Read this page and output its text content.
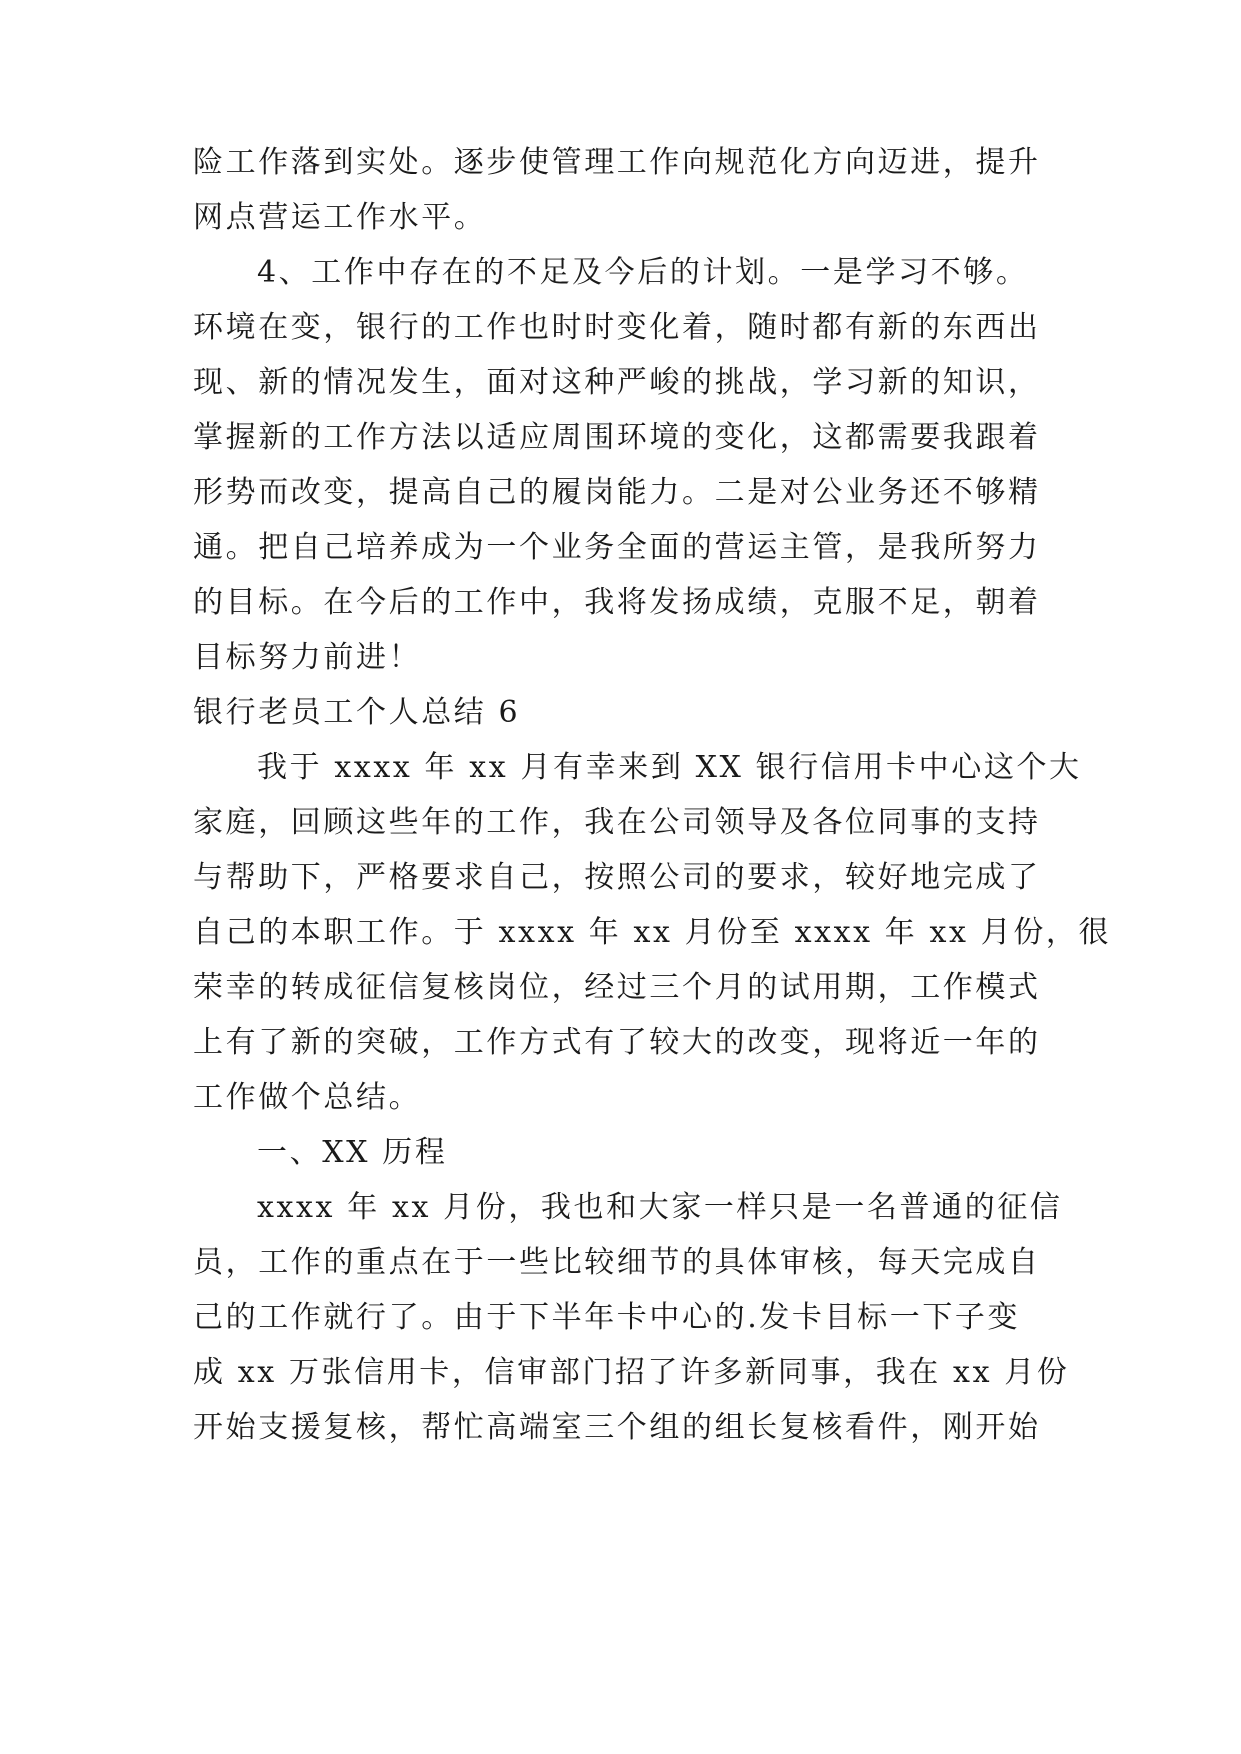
险工作落到实处。逐步使管理工作向规范化方向迈进，提升
网点营运工作水平。
4、工作中存在的不足及今后的计划。一是学习不够。
环境在变，银行的工作也时时变化着，随时都有新的东西出
现、新的情况发生，面对这种严峻的挑战，学习新的知识，
掌握新的工作方法以适应周围环境的变化，这都需要我跟着
形势而改变，提高自己的履岗能力。二是对公业务还不够精
通。把自己培养成为一个业务全面的营运主管，是我所努力
的目标。在今后的工作中，我将发扬成绩，克服不足，朝着
目标努力前进！
银行老员工个人总结 6
我于 xxxx 年 xx 月有幸来到 XX 银行信用卡中心这个大
家庭，回顾这些年的工作，我在公司领导及各位同事的支持
与帮助下，严格要求自己，按照公司的要求，较好地完成了
自己的本职工作。于 xxxx 年 xx 月份至 xxxx 年 xx 月份，很
荣幸的转成征信复核岗位，经过三个月的试用期，工作模式
上有了新的突破，工作方式有了较大的改变，现将近一年的
工作做个总结。
一、XX 历程
xxxx 年 xx 月份，我也和大家一样只是一名普通的征信
员，工作的重点在于一些比较细节的具体审核，每天完成自
己的工作就行了。由于下半年卡中心的.发卡目标一下子变
成 xx 万张信用卡，信审部门招了许多新同事，我在 xx 月份
开始支援复核，帮忙高端室三个组的组长复核看件，刚开始
